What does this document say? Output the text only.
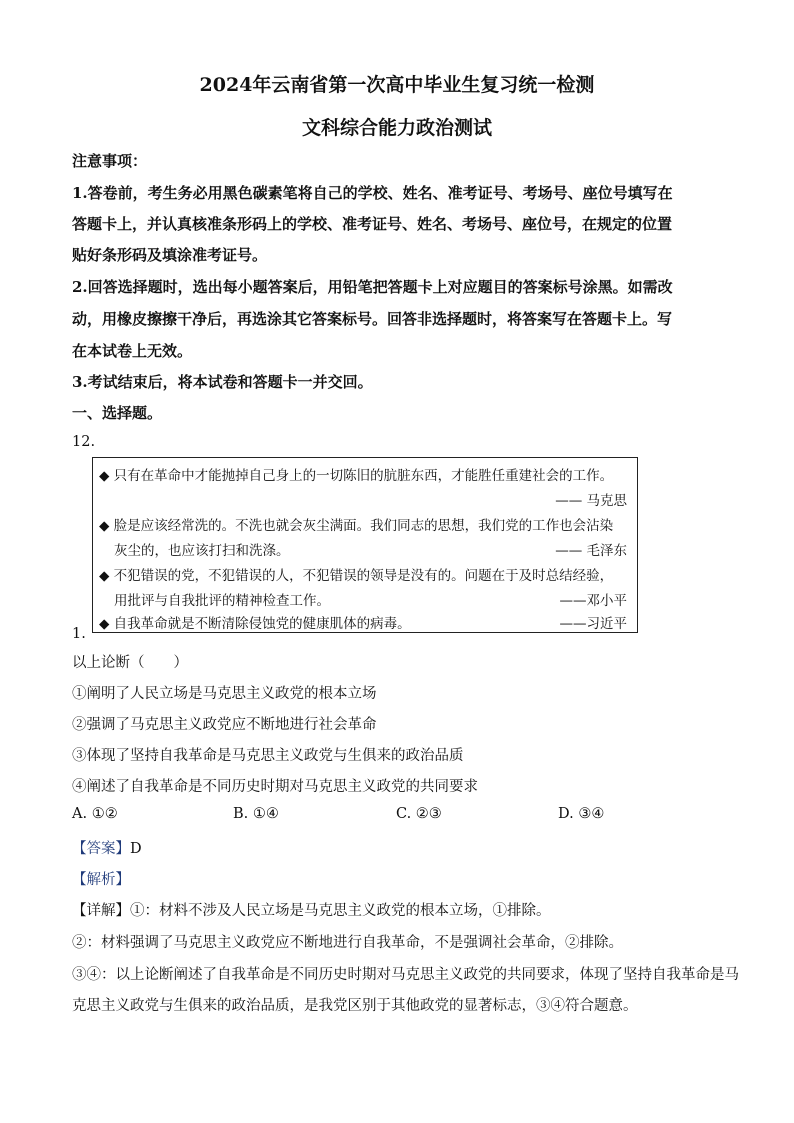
2024年云南省第一次高中毕业生复习统一检测
文科综合能力政治测试
注意事项：
1.答卷前，考生务必用黑色碳素笔将自己的学校、姓名、准考证号、考场号、座位号填写在
答题卡上，并认真核准条形码上的学校、准考证号、姓名、考场号、座位号，在规定的位置
贴好条形码及填涂准考证号。
2.回答选择题时，选出每小题答案后，用铅笔把答题卡上对应题目的答案标号涂黑。如需改
动，用橡皮擦擦干净后，再选涂其它答案标号。回答非选择题时，将答案写在答题卡上。写
在本试卷上无效。
3.考试结束后，将本试卷和答题卡一并交回。
一、选择题。
12.
◆ 只有在革命中才能抛掉自己身上的一切陈旧的肮脏东西，才能胜任重建社会的工作。
—— 马克思
◆ 脸是应该经常洗的。不洗也就会灰尘满面。我们同志的思想，我们党的工作也会沾染
灰尘的，也应该打扫和洗涤。	—— 毛泽东
◆ 不犯错误的党，不犯错误的人，不犯错误的领导是没有的。问题在于及时总结经验，
用批评与自我批评的精神检查工作。	——邓小平
◆ 自我革命就是不断清除侵蚀党的健康肌体的病毒。	——习近平
1.
以上论断（　　）
①阐明了人民立场是马克思主义政党的根本立场
②强调了马克思主义政党应不断地进行社会革命
③体现了坚持自我革命是马克思主义政党与生俱来的政治品质
④阐述了自我革命是不同历史时期对马克思主义政党的共同要求
A. ①②	B. ①④	C. ②③	D. ③④
【答案】D
【解析】
【详解】①：材料不涉及人民立场是马克思主义政党的根本立场，①排除。
②：材料强调了马克思主义政党应不断地进行自我革命，不是强调社会革命，②排除。
③④：以上论断阐述了自我革命是不同历史时期对马克思主义政党的共同要求，体现了坚持自我革命是马
克思主义政党与生俱来的政治品质，是我党区别于其他政党的显著标志，③④符合题意。
